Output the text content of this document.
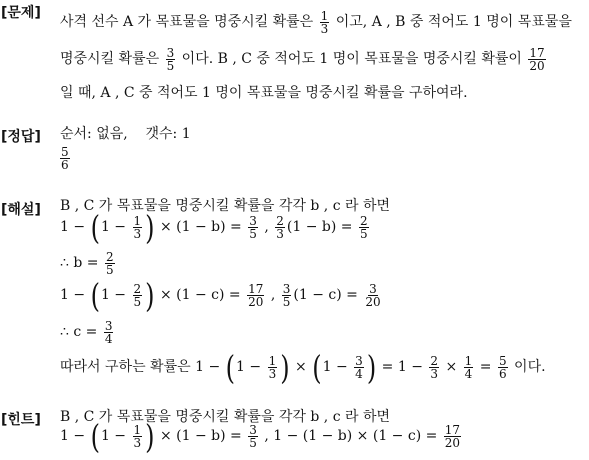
[문제]
사격 선수 A 가 목표물을 명중시킬 확률은 $\frac{1}{3}$ 이고, A , B 중 적어도 1 명이 목표물을
명중시킬 확률은 $\frac{3}{5}$ 이다. B , C 중 적어도 1 명이 목표물을 명중시킬 확률이 $\frac{17}{20}$
일 때, A , C 중 적어도 1 명이 목표물을 명중시킬 확률을 구하여라.
[정답] 순서: 없음,    갯수: 1
$\frac{5}{6}$
[해설] B , C 가 목표물을 명중시킬 확률을 각각 b , c 라 하면
1 − ( $1 - \frac{1}{3}$ ) × $(1 - b) = \frac{3}{5}$ , $\frac{2}{3} (1 - b) = \frac{2}{5}$
∴ $b = \frac{2}{5}$
1 − ( $1 - \frac{2}{5}$ ) × $(1 - c) = \frac{17}{20}$ , $\frac{3}{5} (1 - c) = \frac{3}{20}$
∴ $c = \frac{3}{4}$
따라서 구하는 확률은 1 − ( $1 - \frac{1}{3}$ ) × ( $1 - \frac{3}{4}$ ) = $1 - \frac{2}{3} \times \frac{1}{4} = \frac{5}{6}$ 이다.
[힌트] B , C 가 목표물을 명중시킬 확률을 각각 b , c 라 하면
1 − ( $1 - \frac{1}{3}$ ) × $(1 - b) = \frac{3}{5}$ , $1 - (1 - b) \times (1 - c) = \frac{17}{20}$
